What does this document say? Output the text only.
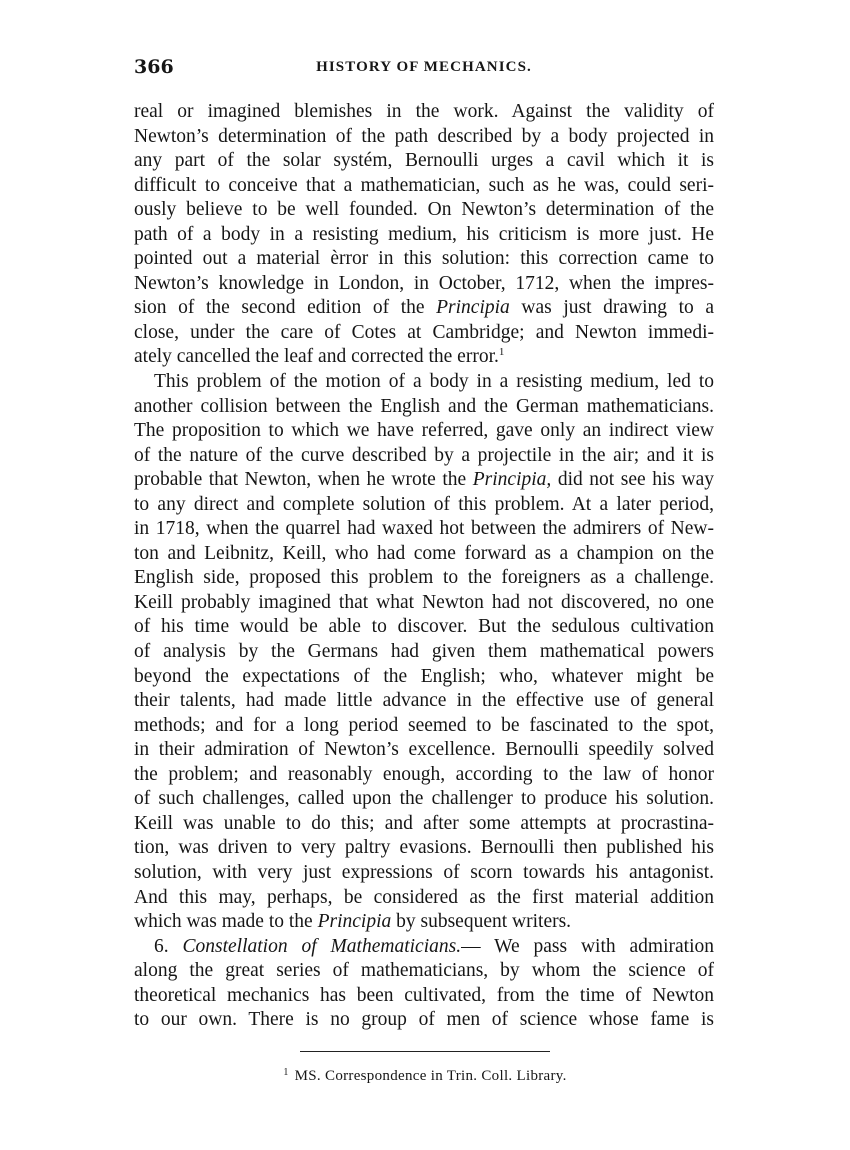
366	HISTORY OF MECHANICS.
real or imagined blemishes in the work. Against the validity of
Newton’s determination of the path described by a body projected in
any part of the solar systém, Bernoulli urges a cavil which it is
difficult to conceive that a mathematician, such as he was, could seri-
ously believe to be well founded. On Newton’s determination of the
path of a body in a resisting medium, his criticism is more just. He
pointed out a material èrror in this solution: this correction came to
Newton’s knowledge in London, in October, 1712, when the impres-
sion of the second edition of the Principia was just drawing to a
close, under the care of Cotes at Cambridge; and Newton immedi-
ately cancelled the leaf and corrected the error.$^1$
This problem of the motion of a body in a resisting medium, led to
another collision between the English and the German mathematicians.
The proposition to which we have referred, gave only an indirect view
of the nature of the curve described by a projectile in the air; and it is
probable that Newton, when he wrote the Principia, did not see his way
to any direct and complete solution of this problem. At a later period,
in 1718, when the quarrel had waxed hot between the admirers of New-
ton and Leibnitz, Keill, who had come forward as a champion on the
English side, proposed this problem to the foreigners as a challenge.
Keill probably imagined that what Newton had not discovered, no one
of his time would be able to discover. But the sedulous cultivation
of analysis by the Germans had given them mathematical powers
beyond the expectations of the English; who, whatever might be
their talents, had made little advance in the effective use of general
methods; and for a long period seemed to be fascinated to the spot,
in their admiration of Newton’s excellence. Bernoulli speedily solved
the problem; and reasonably enough, according to the law of honor
of such challenges, called upon the challenger to produce his solution.
Keill was unable to do this; and after some attempts at procrastina-
tion, was driven to very paltry evasions. Bernoulli then published his
solution, with very just expressions of scorn towards his antagonist.
And this may, perhaps, be considered as the first material addition
which was made to the Principia by subsequent writers.
6. Constellation of Mathematicians.— We pass with admiration
along the great series of mathematicians, by whom the science of
theoretical mechanics has been cultivated, from the time of Newton
to our own. There is no group of men of science whose fame is
$^1$ MS. Correspondence in Trin. Coll. Library.
